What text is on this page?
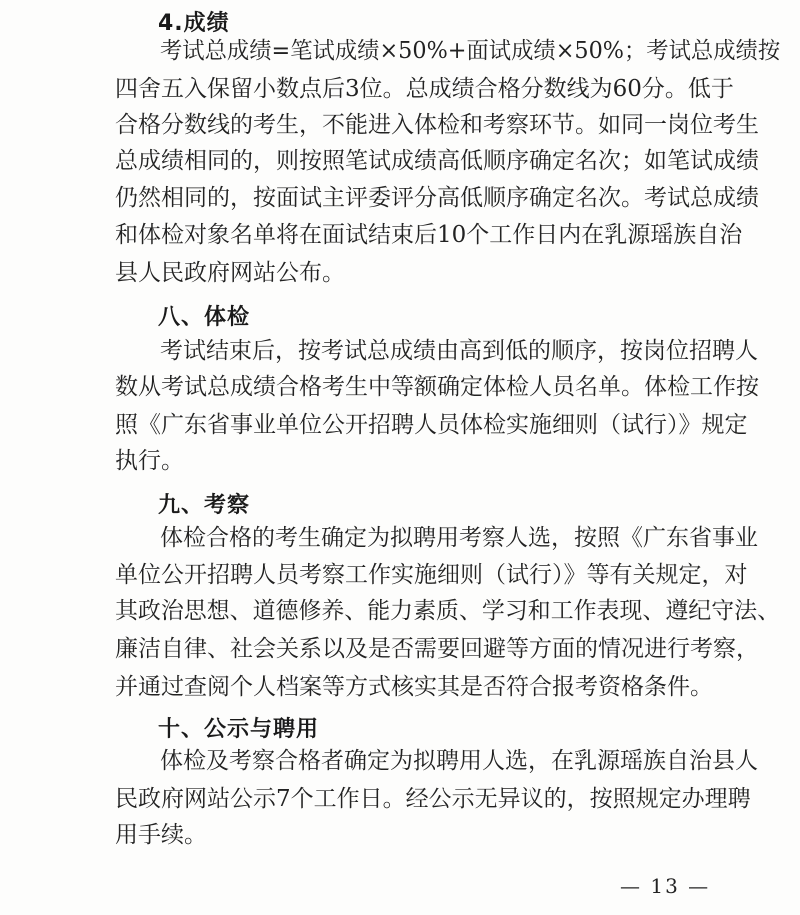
4.成绩
考试总成绩=笔试成绩×50%+面试成绩×50%；考试总成绩按
四舍五入保留小数点后3位。总成绩合格分数线为60分。低于
合格分数线的考生，不能进入体检和考察环节。如同一岗位考生
总成绩相同的，则按照笔试成绩高低顺序确定名次；如笔试成绩
仍然相同的，按面试主评委评分高低顺序确定名次。考试总成绩
和体检对象名单将在面试结束后10个工作日内在乳源瑶族自治
县人民政府网站公布。
八、体检
考试结束后，按考试总成绩由高到低的顺序，按岗位招聘人
数从考试总成绩合格考生中等额确定体检人员名单。体检工作按
照《广东省事业单位公开招聘人员体检实施细则（试行）》规定
执行。
九、考察
体检合格的考生确定为拟聘用考察人选，按照《广东省事业
单位公开招聘人员考察工作实施细则（试行）》等有关规定，对
其政治思想、道德修养、能力素质、学习和工作表现、遵纪守法、
廉洁自律、社会关系以及是否需要回避等方面的情况进行考察，
并通过查阅个人档案等方式核实其是否符合报考资格条件。
十、公示与聘用
体检及考察合格者确定为拟聘用人选，在乳源瑶族自治县人
民政府网站公示7个工作日。经公示无异议的，按照规定办理聘
用手续。
— 13 —
